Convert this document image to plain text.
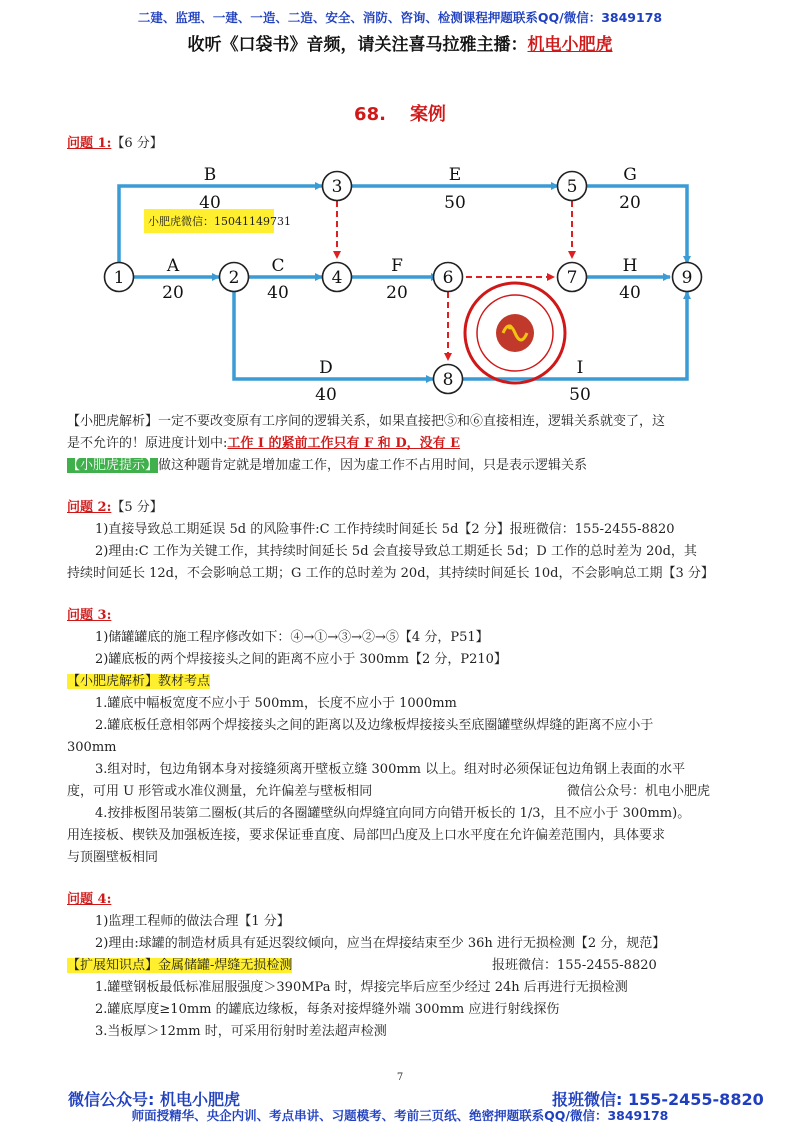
二建、监理、一建、一造、二造、安全、消防、咨询、检测课程押题联系QQ/微信：3849178
收听《口袋书》音频，请关注喜马拉雅主播：机电小肥虎
68. 案例
问题 1:【6 分】
小肥虎微信：15041149731
1	2
3
4
5
6	7
8
9
B
40
E
50
G
20
A
20
C
40
F
20
H
40
D
40
I
50
【小肥虎解析】一定不要改变原有工序间的逻辑关系，如果直接把⑤和⑥直接相连，逻辑关系就变了，这
是不允许的！原进度计划中:工作 I 的紧前工作只有 F 和 D，没有 E
【小肥虎提示】做这种题肯定就是增加虚工作，因为虚工作不占用时间，只是表示逻辑关系
问题 2:【5 分】
1)直接导致总工期延误 5d 的风险事件:C 工作持续时间延长 5d【2 分】报班微信：155-2455-8820
2)理由:C 工作为关键工作，其持续时间延长 5d 会直接导致总工期延长 5d；D 工作的总时差为 20d，其
持续时间延长 12d，不会影响总工期；G 工作的总时差为 20d，其持续时间延长 10d，不会影响总工期【3 分】
问题 3:
1)储罐罐底的施工程序修改如下：④→①→③→②→⑤【4 分，P51】
2)罐底板的两个焊接接头之间的距离不应小于 300mm【2 分，P210】
【小肥虎解析】教材考点
1.罐底中幅板宽度不应小于 500mm，长度不应小于 1000mm
2.罐底板任意相邻两个焊接接头之间的距离以及边缘板焊接接头至底圈罐壁纵焊缝的距离不应小于
300mm
3.组对时，包边角钢本身对接缝须离开壁板立缝 300mm 以上。组对时必须保证包边角钢上表面的水平
度，可用 U 形管或水准仪测量，允许偏差与壁板相同	微信公众号：机电小肥虎
4.按排板图吊装第二圈板(其后的各圈罐壁纵向焊缝宜向同方向错开板长的 1/3，且不应小于 300mm)。
用连接板、楔铁及加强板连接，要求保证垂直度、局部凹凸度及上口水平度在允许偏差范围内，具体要求
与顶圈壁板相同
问题 4:
1)监理工程师的做法合理【1 分】
2)理由:球罐的制造材质具有延迟裂纹倾向，应当在焊接结束至少 36h 进行无损检测【2 分，规范】
【扩展知识点】金属储罐-焊缝无损检测	报班微信：155-2455-8820
1.罐壁钢板最低标准屈服强度＞390MPa 时，焊接完毕后应至少经过 24h 后再进行无损检测
2.罐底厚度≥10mm 的罐底边缘板，每条对接焊缝外端 300mm 应进行射线探伤
3.当板厚＞12mm 时，可采用衍射时差法超声检测
7
微信公众号: 机电小肥虎	报班微信: 155-2455-8820
师面授精华、央企内训、考点串讲、习题模考、考前三页纸、绝密押题联系QQ/微信：3849178
